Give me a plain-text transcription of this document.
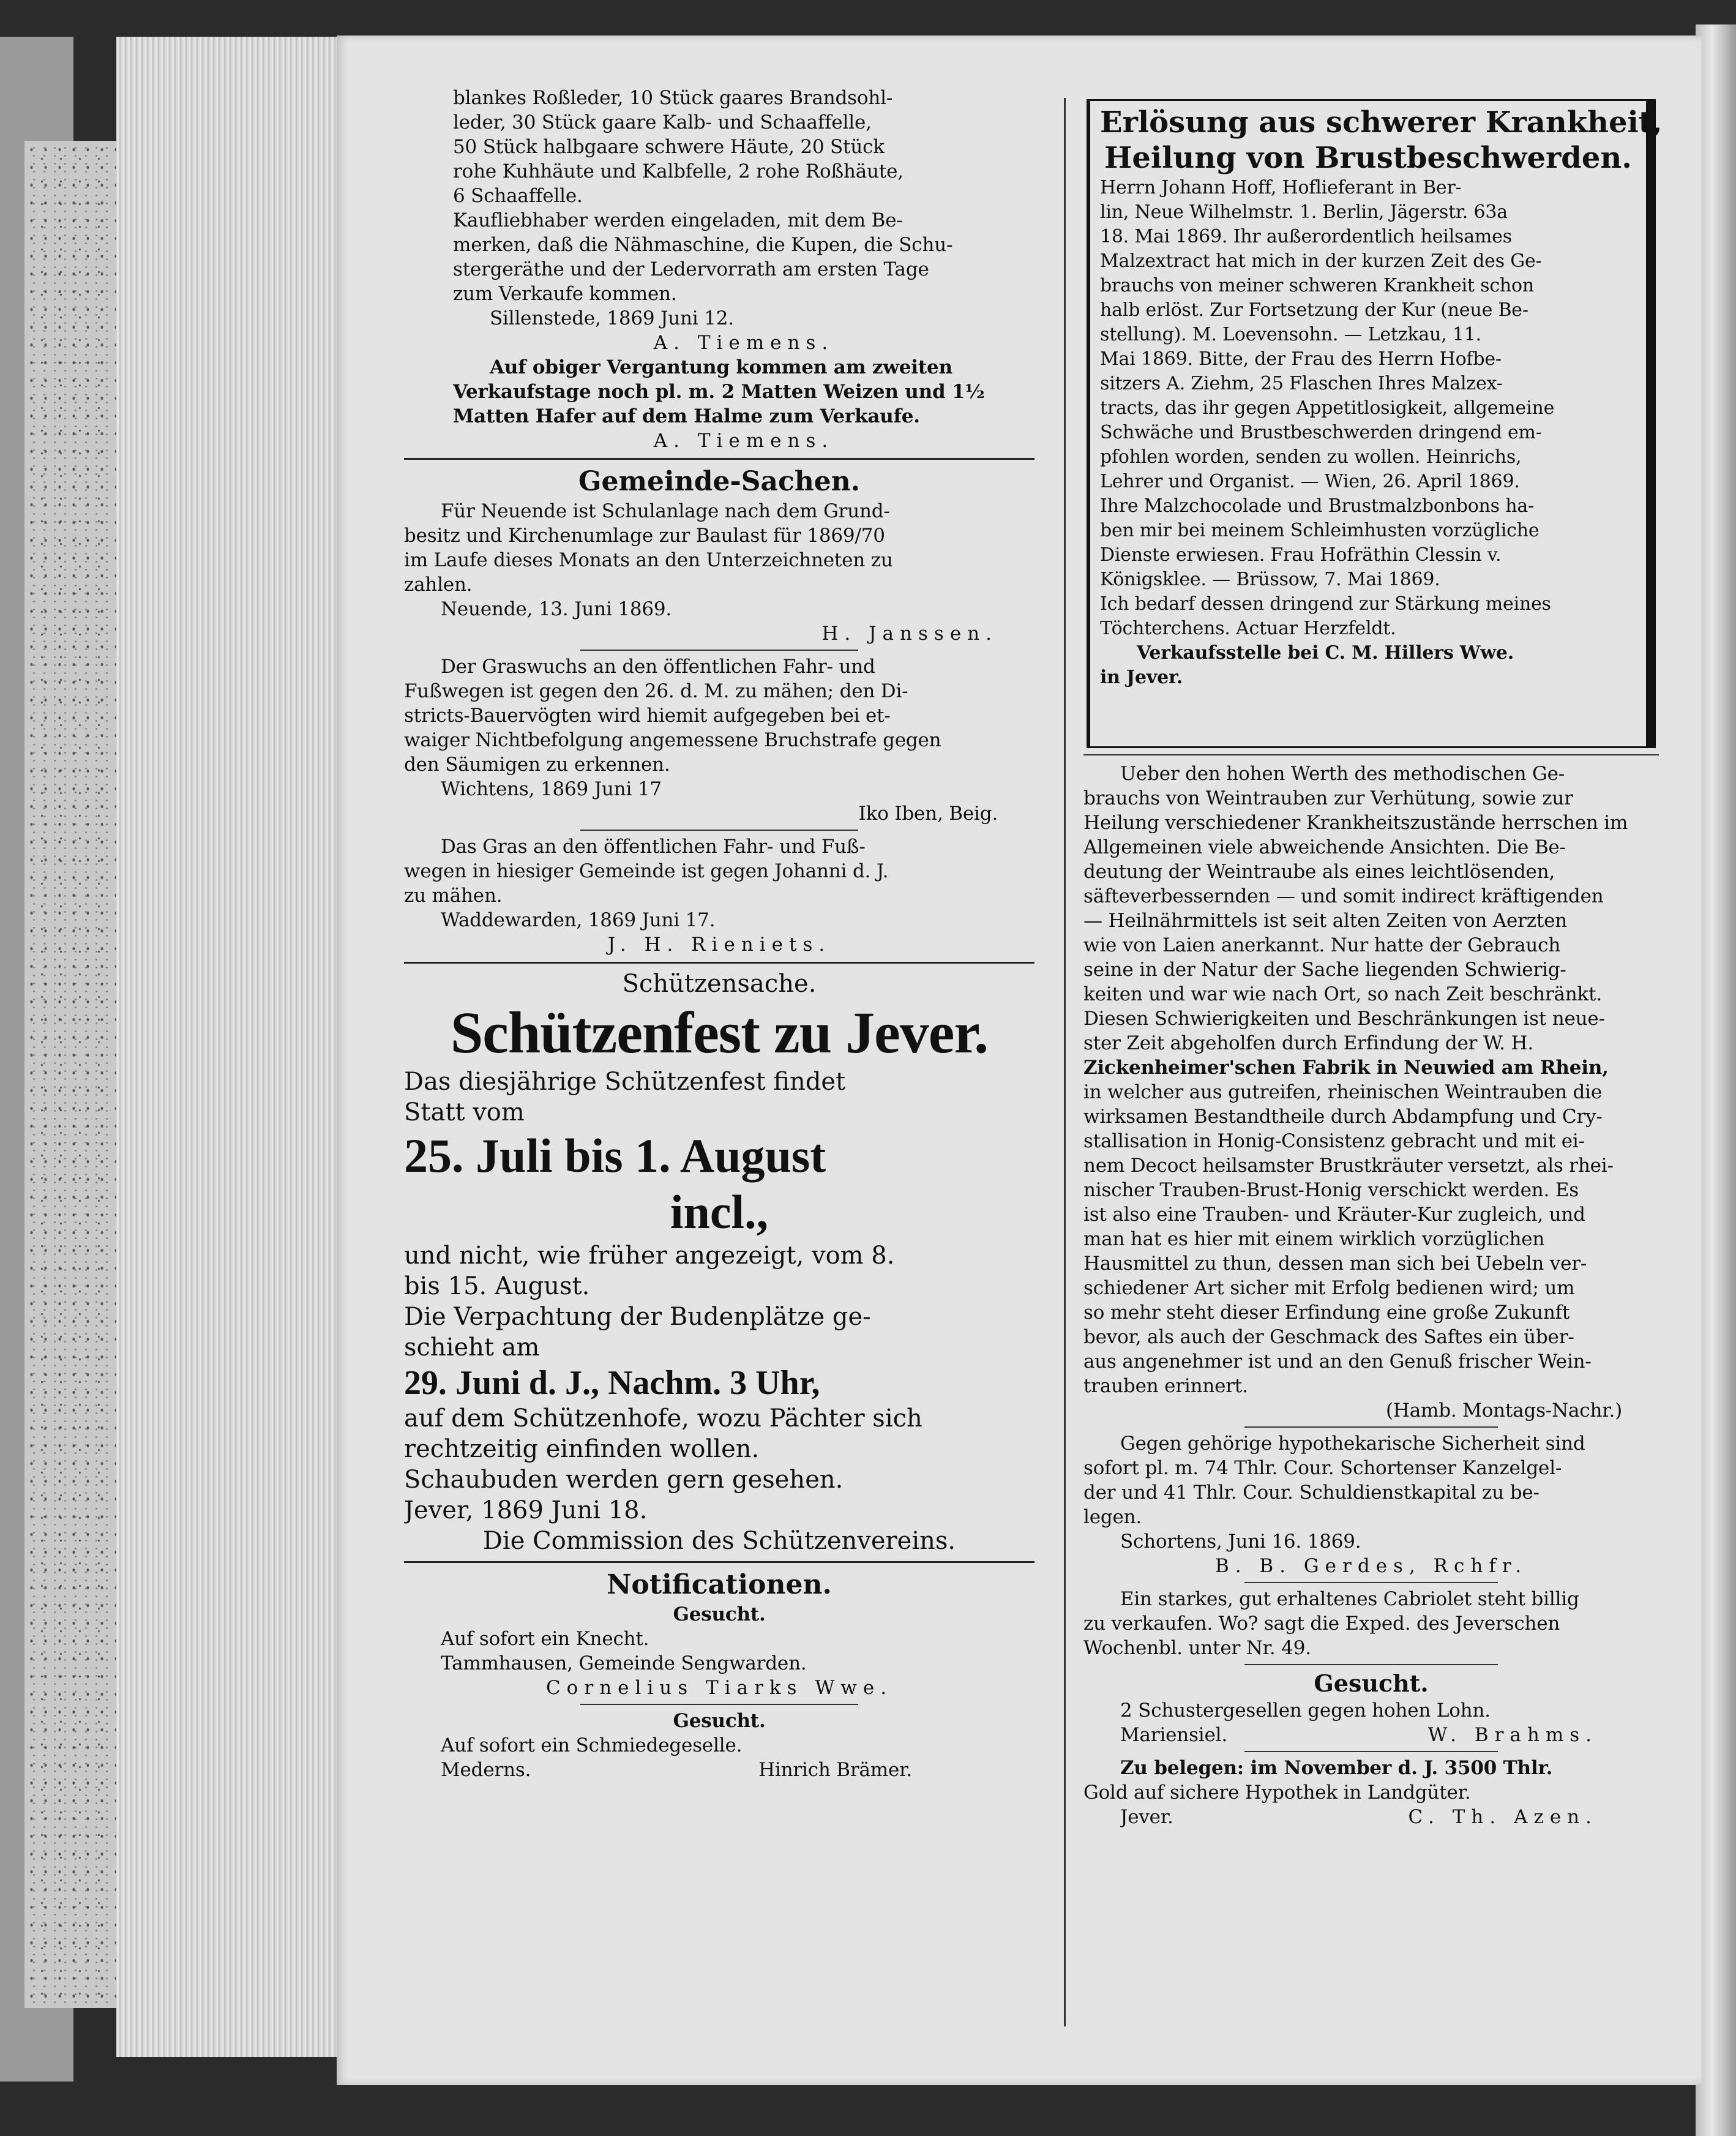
blankes Roßleder, 10 Stück gaares Brandsohl-
leder, 30 Stück gaare Kalb- und Schaaffelle,
50 Stück halbgaare schwere Häute, 20 Stück
rohe Kuhhäute und Kalbfelle, 2 rohe Roßhäute,
6 Schaaffelle.
Kaufliebhaber werden eingeladen, mit dem Be-
merken, daß die Nähmaschine, die Kupen, die Schu-
stergeräthe und der Ledervorrath am ersten Tage
zum Verkaufe kommen.
Sillenstede, 1869 Juni 12.
A. Tiemens.
Auf obiger Vergantung kommen am zweiten
Verkaufstage noch pl. m. 2 Matten Weizen und 1½
Matten Hafer auf dem Halme zum Verkaufe.
A. Tiemens.
Gemeinde-Sachen.
Für Neuende ist Schulanlage nach dem Grund-
besitz und Kirchenumlage zur Baulast für 1869/70
im Laufe dieses Monats an den Unterzeichneten zu
zahlen.
Neuende, 13. Juni 1869.
H. Janssen.
Der Graswuchs an den öffentlichen Fahr- und
Fußwegen ist gegen den 26. d. M. zu mähen; den Di-
stricts-Bauervögten wird hiemit aufgegeben bei et-
waiger Nichtbefolgung angemessene Bruchstrafe gegen
den Säumigen zu erkennen.
Wichtens, 1869 Juni 17
Iko Iben, Beig.
Das Gras an den öffentlichen Fahr- und Fuß-
wegen in hiesiger Gemeinde ist gegen Johanni d. J.
zu mähen.
Waddewarden, 1869 Juni 17.
J. H. Rieniets.
Schützensache.
Schützenfest zu Jever.
Das diesjährige Schützenfest findet
Statt vom
25. Juli bis 1. August
incl.,
und nicht, wie früher angezeigt, vom 8.
bis 15. August.
Die Verpachtung der Budenplätze ge-
schieht am
29. Juni d. J., Nachm. 3 Uhr,
auf dem Schützenhofe, wozu Pächter sich
rechtzeitig einfinden wollen.
Schaubuden werden gern gesehen.
Jever, 1869 Juni 18.
Die Commission des Schützenvereins.
Notificationen.
Gesucht.
Auf sofort ein Knecht.
Tammhausen, Gemeinde Sengwarden.
Cornelius Tiarks Wwe.
Gesucht.
Auf sofort ein Schmiedegeselle.
Mederns.	Hinrich Brämer.
Erlösung aus schwerer Krankheit,
Heilung von Brustbeschwerden.
Herrn Johann Hoff, Hoflieferant in Ber-
lin, Neue Wilhelmstr. 1. Berlin, Jägerstr. 63a
18. Mai 1869. Ihr außerordentlich heilsames
Malzextract hat mich in der kurzen Zeit des Ge-
brauchs von meiner schweren Krankheit schon
halb erlöst. Zur Fortsetzung der Kur (neue Be-
stellung). M. Loevensohn. — Letzkau, 11.
Mai 1869. Bitte, der Frau des Herrn Hofbe-
sitzers A. Ziehm, 25 Flaschen Ihres Malzex-
tracts, das ihr gegen Appetitlosigkeit, allgemeine
Schwäche und Brustbeschwerden dringend em-
pfohlen worden, senden zu wollen. Heinrichs,
Lehrer und Organist. — Wien, 26. April 1869.
Ihre Malzchocolade und Brustmalzbonbons ha-
ben mir bei meinem Schleimhusten vorzügliche
Dienste erwiesen. Frau Hofräthin Clessin v.
Königsklee. — Brüssow, 7. Mai 1869.
Ich bedarf dessen dringend zur Stärkung meines
Töchterchens. Actuar Herzfeldt.
Verkaufsstelle bei C. M. Hillers Wwe.
in Jever.
Ueber den hohen Werth des methodischen Ge-
brauchs von Weintrauben zur Verhütung, sowie zur
Heilung verschiedener Krankheitszustände herrschen im
Allgemeinen viele abweichende Ansichten. Die Be-
deutung der Weintraube als eines leichtlösenden,
säfteverbessernden — und somit indirect kräftigenden
— Heilnährmittels ist seit alten Zeiten von Aerzten
wie von Laien anerkannt. Nur hatte der Gebrauch
seine in der Natur der Sache liegenden Schwierig-
keiten und war wie nach Ort, so nach Zeit beschränkt.
Diesen Schwierigkeiten und Beschränkungen ist neue-
ster Zeit abgeholfen durch Erfindung der W. H.
Zickenheimer'schen Fabrik in Neuwied am Rhein,
in welcher aus gutreifen, rheinischen Weintrauben die
wirksamen Bestandtheile durch Abdampfung und Cry-
stallisation in Honig-Consistenz gebracht und mit ei-
nem Decoct heilsamster Brustkräuter versetzt, als rhei-
nischer Trauben-Brust-Honig verschickt werden. Es
ist also eine Trauben- und Kräuter-Kur zugleich, und
man hat es hier mit einem wirklich vorzüglichen
Hausmittel zu thun, dessen man sich bei Uebeln ver-
schiedener Art sicher mit Erfolg bedienen wird; um
so mehr steht dieser Erfindung eine große Zukunft
bevor, als auch der Geschmack des Saftes ein über-
aus angenehmer ist und an den Genuß frischer Wein-
trauben erinnert.
(Hamb. Montags-Nachr.)
Gegen gehörige hypothekarische Sicherheit sind
sofort pl. m. 74 Thlr. Cour. Schortenser Kanzelgel-
der und 41 Thlr. Cour. Schuldienstkapital zu be-
legen.
Schortens, Juni 16. 1869.
B. B. Gerdes, Rchfr.
Ein starkes, gut erhaltenes Cabriolet steht billig
zu verkaufen. Wo? sagt die Exped. des Jeverschen
Wochenbl. unter Nr. 49.
Gesucht.
2 Schustergesellen gegen hohen Lohn.
Mariensiel.	W. Brahms.
Zu belegen: im November d. J. 3500 Thlr.
Gold auf sichere Hypothek in Landgüter.
Jever.	C. Th. Azen.
